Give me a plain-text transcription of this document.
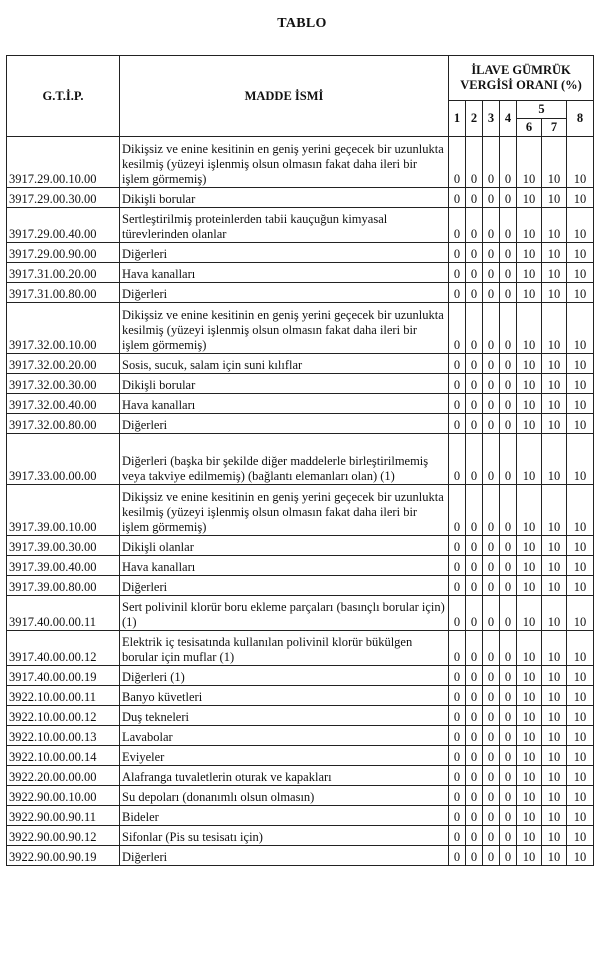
TABLO
G.T.İ.P.	MADDE İSMİ	İLAVE GÜMRÜK VERGİSİ ORANI (%)						
		1	2	3	4	5		8
						6	7	
3917.29.00.10.00	Dikişsiz ve enine kesitinin en geniş yerini geçecek bir uzunlukta kesilmiş (yüzeyi işlenmiş olsun olmasın fakat daha ileri bir işlem görmemiş)	0	0	0	0	10	10	10
3917.29.00.30.00	Dikişli borular	0	0	0	0	10	10	10
3917.29.00.40.00	Sertleştirilmiş proteinlerden tabii kauçuğun kimyasal türevlerinden olanlar	0	0	0	0	10	10	10
3917.29.00.90.00	Diğerleri	0	0	0	0	10	10	10
3917.31.00.20.00	Hava kanalları	0	0	0	0	10	10	10
3917.31.00.80.00	Diğerleri	0	0	0	0	10	10	10
3917.32.00.10.00	Dikişsiz ve enine kesitinin en geniş yerini geçecek bir uzunlukta kesilmiş (yüzeyi işlenmiş olsun olmasın fakat daha ileri bir işlem görmemiş)	0	0	0	0	10	10	10
3917.32.00.20.00	Sosis, sucuk, salam için suni kılıflar	0	0	0	0	10	10	10
3917.32.00.30.00	Dikişli borular	0	0	0	0	10	10	10
3917.32.00.40.00	Hava kanalları	0	0	0	0	10	10	10
3917.32.00.80.00	Diğerleri	0	0	0	0	10	10	10
3917.33.00.00.00	Diğerleri (başka bir şekilde diğer maddelerle birleştirilmemiş veya takviye edilmemiş) (bağlantı elemanları olan) (1)	0	0	0	0	10	10	10
3917.39.00.10.00	Dikişsiz ve enine kesitinin en geniş yerini geçecek bir uzunlukta kesilmiş (yüzeyi işlenmiş olsun olmasın fakat daha ileri bir işlem görmemiş)	0	0	0	0	10	10	10
3917.39.00.30.00	Dikişli olanlar	0	0	0	0	10	10	10
3917.39.00.40.00	Hava kanalları	0	0	0	0	10	10	10
3917.39.00.80.00	Diğerleri	0	0	0	0	10	10	10
3917.40.00.00.11	Sert polivinil klorür boru ekleme parçaları (basınçlı borular için) (1)	0	0	0	0	10	10	10
3917.40.00.00.12	Elektrik iç tesisatında kullanılan polivinil klorür bükülgen borular için muflar (1)	0	0	0	0	10	10	10
3917.40.00.00.19	Diğerleri (1)	0	0	0	0	10	10	10
3922.10.00.00.11	Banyo küvetleri	0	0	0	0	10	10	10
3922.10.00.00.12	Duş tekneleri	0	0	0	0	10	10	10
3922.10.00.00.13	Lavabolar	0	0	0	0	10	10	10
3922.10.00.00.14	Eviyeler	0	0	0	0	10	10	10
3922.20.00.00.00	Alafranga tuvaletlerin oturak ve kapakları	0	0	0	0	10	10	10
3922.90.00.10.00	Su depoları (donanımlı olsun olmasın)	0	0	0	0	10	10	10
3922.90.00.90.11	Bideler	0	0	0	0	10	10	10
3922.90.00.90.12	Sifonlar (Pis su tesisatı için)	0	0	0	0	10	10	10
3922.90.00.90.19	Diğerleri	0	0	0	0	10	10	10
